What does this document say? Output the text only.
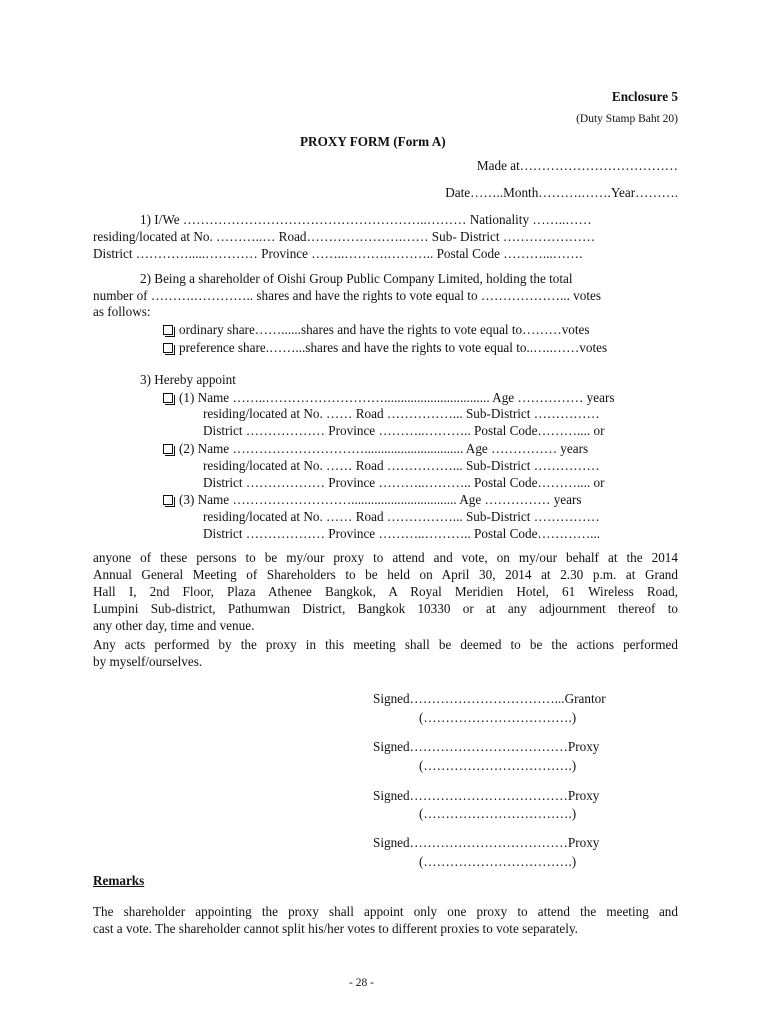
Enclosure 5
(Duty Stamp Baht 20)
PROXY FORM (Form A)
Made at………………………………
Date……..Month……….…….Year……….
1) I/We ………………………………………………..……… Nationality ……..……
residing/located at No. ………..… Road………………….…… Sub- District …………………
District ………….....………… Province ……..……….……….. Postal Code ………...…….
2) Being a shareholder of Oishi Group Public Company Limited, holding the total
number of ……….………….. shares and have the rights to vote equal to ………………... votes
as follows:
ordinary share……......shares and have the rights to vote equal to………votes
preference share.……...shares and have the rights to vote equal to..…..……votes
3) Hereby appoint
(1) Name ……..………………………................................ Age …………… years
residing/located at No. …… Road ……………... Sub-District ……………
District ……………… Province ………..……….. Postal Code……….... or
(2) Name ………………………….............................. Age …………… years
residing/located at No. …… Road ……………... Sub-District ……………
District ……………… Province ………..……….. Postal Code……….... or
(3) Name ………………………................................ Age …………… years
residing/located at No. …… Road ……………... Sub-District ……………
District ……………… Province ………..……….. Postal Code…………...
anyone of these persons to be my/our proxy to attend and vote, on my/our behalf at the 2014
Annual General Meeting of Shareholders to be held on April 30, 2014 at 2.30 p.m. at Grand
Hall I, 2nd Floor, Plaza Athenee Bangkok, A Royal Meridien Hotel, 61 Wireless Road,
Lumpini Sub-district, Pathumwan District, Bangkok 10330 or at any adjournment thereof to
any other day, time and venue.
Any acts performed by the proxy in this meeting shall be deemed to be the actions performed
by myself/ourselves.
Signed……………………………...Grantor
(…………………………….)
Signed………………………………Proxy
(…………………………….)
Signed………………………………Proxy
(…………………………….)
Signed………………………………Proxy
(…………………………….)
Remarks
The shareholder appointing the proxy shall appoint only one proxy to attend the meeting and
cast a vote. The shareholder cannot split his/her votes to different proxies to vote separately.
- 28 -
